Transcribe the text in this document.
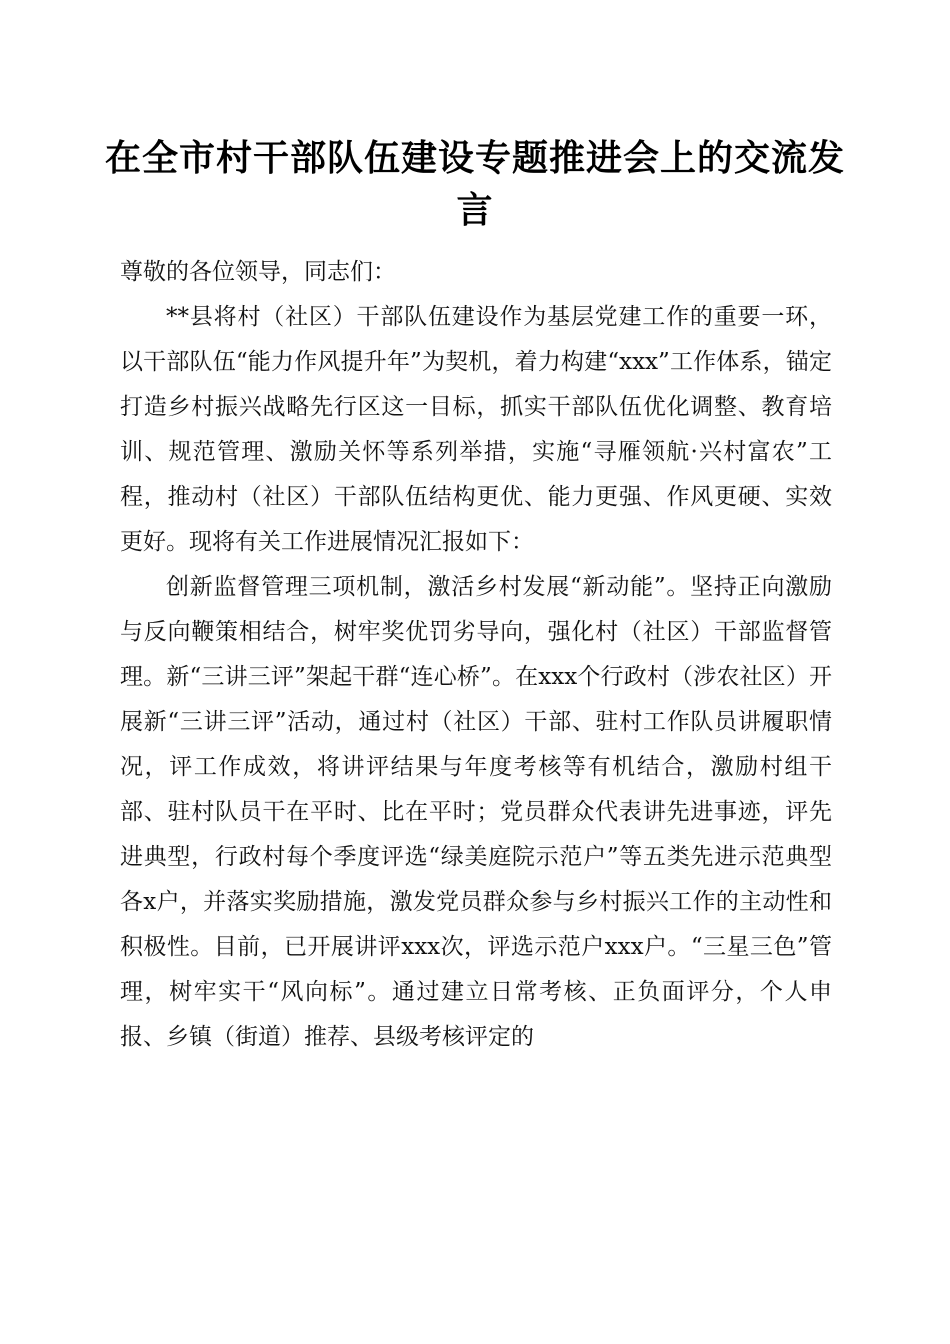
在全市村干部队伍建设专题推进会上的交流发言

尊敬的各位领导，同志们：

**县将村（社区）干部队伍建设作为基层党建工作的重要一环，以干部队伍“能力作风提升年”为契机，着力构建“xxx”工作体系，锚定打造乡村振兴战略先行区这一目标，抓实干部队伍优化调整、教育培训、规范管理、激励关怀等系列举措，实施“寻雁领航·兴村富农”工程，推动村（社区）干部队伍结构更优、能力更强、作风更硬、实效更好。现将有关工作进展情况汇报如下：

创新监督管理三项机制，激活乡村发展“新动能”。坚持正向激励与反向鞭策相结合，树牢奖优罚劣导向，强化村（社区）干部监督管理。新“三讲三评”架起干群“连心桥”。在xxx个行政村（涉农社区）开展新“三讲三评”活动，通过村（社区）干部、驻村工作队员讲履职情况，评工作成效，将讲评结果与年度考核等有机结合，激励村组干部、驻村队员干在平时、比在平时；党员群众代表讲先进事迹，评先进典型，行政村每个季度评选“绿美庭院示范户”等五类先进示范典型各x户，并落实奖励措施，激发党员群众参与乡村振兴工作的主动性和积极性。目前，已开展讲评xxx次，评选示范户xxx户。“三星三色”管理，树牢实干“风向标”。通过建立日常考核、正负面评分，个人申报、乡镇（街道）推荐、县级考核评定的
